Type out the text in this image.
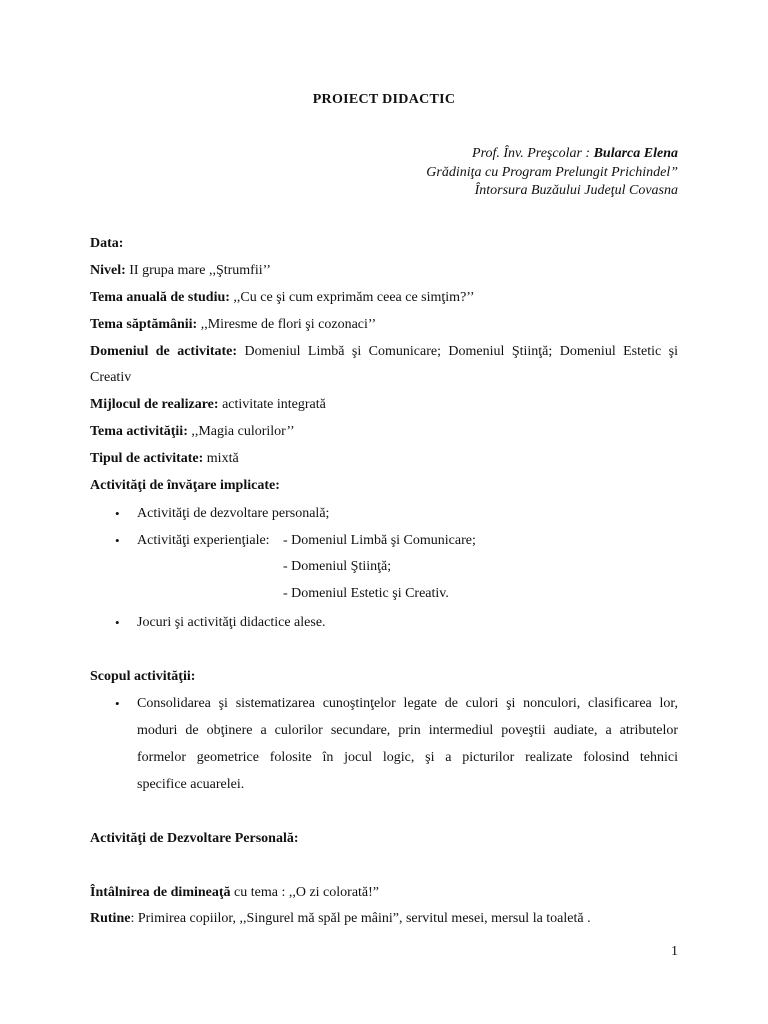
PROIECT DIDACTIC
Prof. Înv. Preşcolar : Bularca Elena
Grădiniţa cu Program Prelungit Prichindel”
Întorsura Buzăului Judeţul Covasna
Data:
Nivel: II grupa mare ,,Ştrumfii’’
Tema anuală de studiu: ,,Cu ce şi cum exprimăm ceea ce simţim?’’
Tema săptămânii: ,,Miresme de flori şi cozonaci’’
Domeniul de activitate: Domeniul Limbă şi Comunicare; Domeniul Ştiinţă; Domeniul Estetic şi
Creativ
Mijlocul de realizare: activitate integrată
Tema activităţii: ,,Magia culorilor’’
Tipul de activitate: mixtă
Activităţi de învăţare implicate:
• Activităţi de dezvoltare personală;
• Activităţi experienţiale: - Domeniul Limbă şi Comunicare;
- Domeniul Ştiinţă;
- Domeniul Estetic şi Creativ.
• Jocuri şi activităţi didactice alese.
Scopul activităţii:
• Consolidarea şi sistematizarea cunoştinţelor legate de culori şi nonculori, clasificarea lor,
moduri de obţinere a culorilor secundare, prin intermediul poveştii audiate, a atributelor
formelor geometrice folosite în jocul logic, şi a picturilor realizate folosind tehnici
specifice acuarelei.
Activităţi de Dezvoltare Personală:
Întâlnirea de dimineaţă cu tema : ,,O zi colorată!”
Rutine: Primirea copiilor, ,,Singurel mă spăl pe mâini”, servitul mesei, mersul la toaletă .
1
